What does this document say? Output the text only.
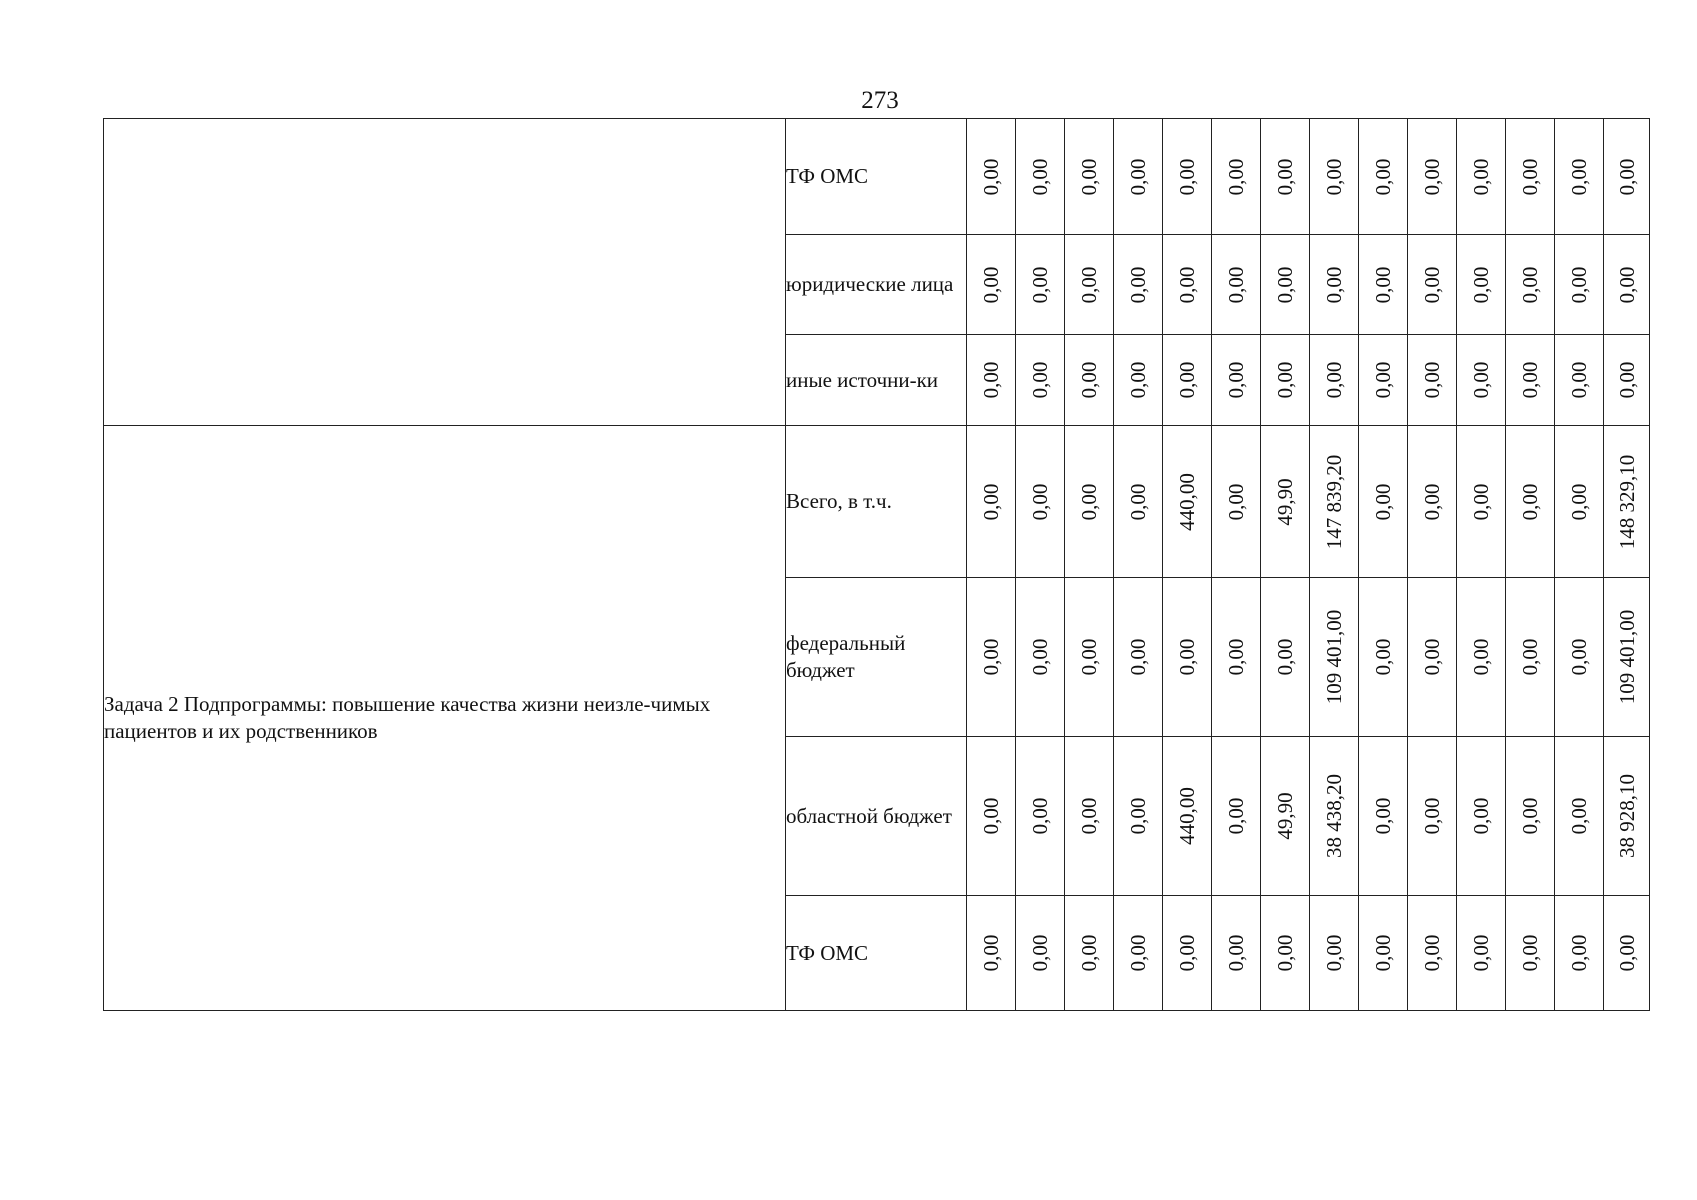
273
	ТФ ОМС	0,00	0,00	0,00	0,00	0,00	0,00	0,00	0,00	0,00	0,00	0,00	0,00	0,00	0,00

	юридические лица	0,00	0,00	0,00	0,00	0,00	0,00	0,00	0,00	0,00	0,00	0,00	0,00	0,00	0,00

	иные источни-ки	0,00	0,00	0,00	0,00	0,00	0,00	0,00	0,00	0,00	0,00	0,00	0,00	0,00	0,00

Задача 2 Подпрограммы: повышение качества жизни неизле-чимых пациентов и их родственников	Всего, в т.ч.	0,00	0,00	0,00	0,00	440,00	0,00	49,90	147 839,20	0,00	0,00	0,00	0,00	0,00	148 329,10

	федеральный бюджет	0,00	0,00	0,00	0,00	0,00	0,00	0,00	109 401,00	0,00	0,00	0,00	0,00	0,00	109 401,00

	областной бюджет	0,00	0,00	0,00	0,00	440,00	0,00	49,90	38 438,20	0,00	0,00	0,00	0,00	0,00	38 928,10

	ТФ ОМС	0,00	0,00	0,00	0,00	0,00	0,00	0,00	0,00	0,00	0,00	0,00	0,00	0,00	0,00
